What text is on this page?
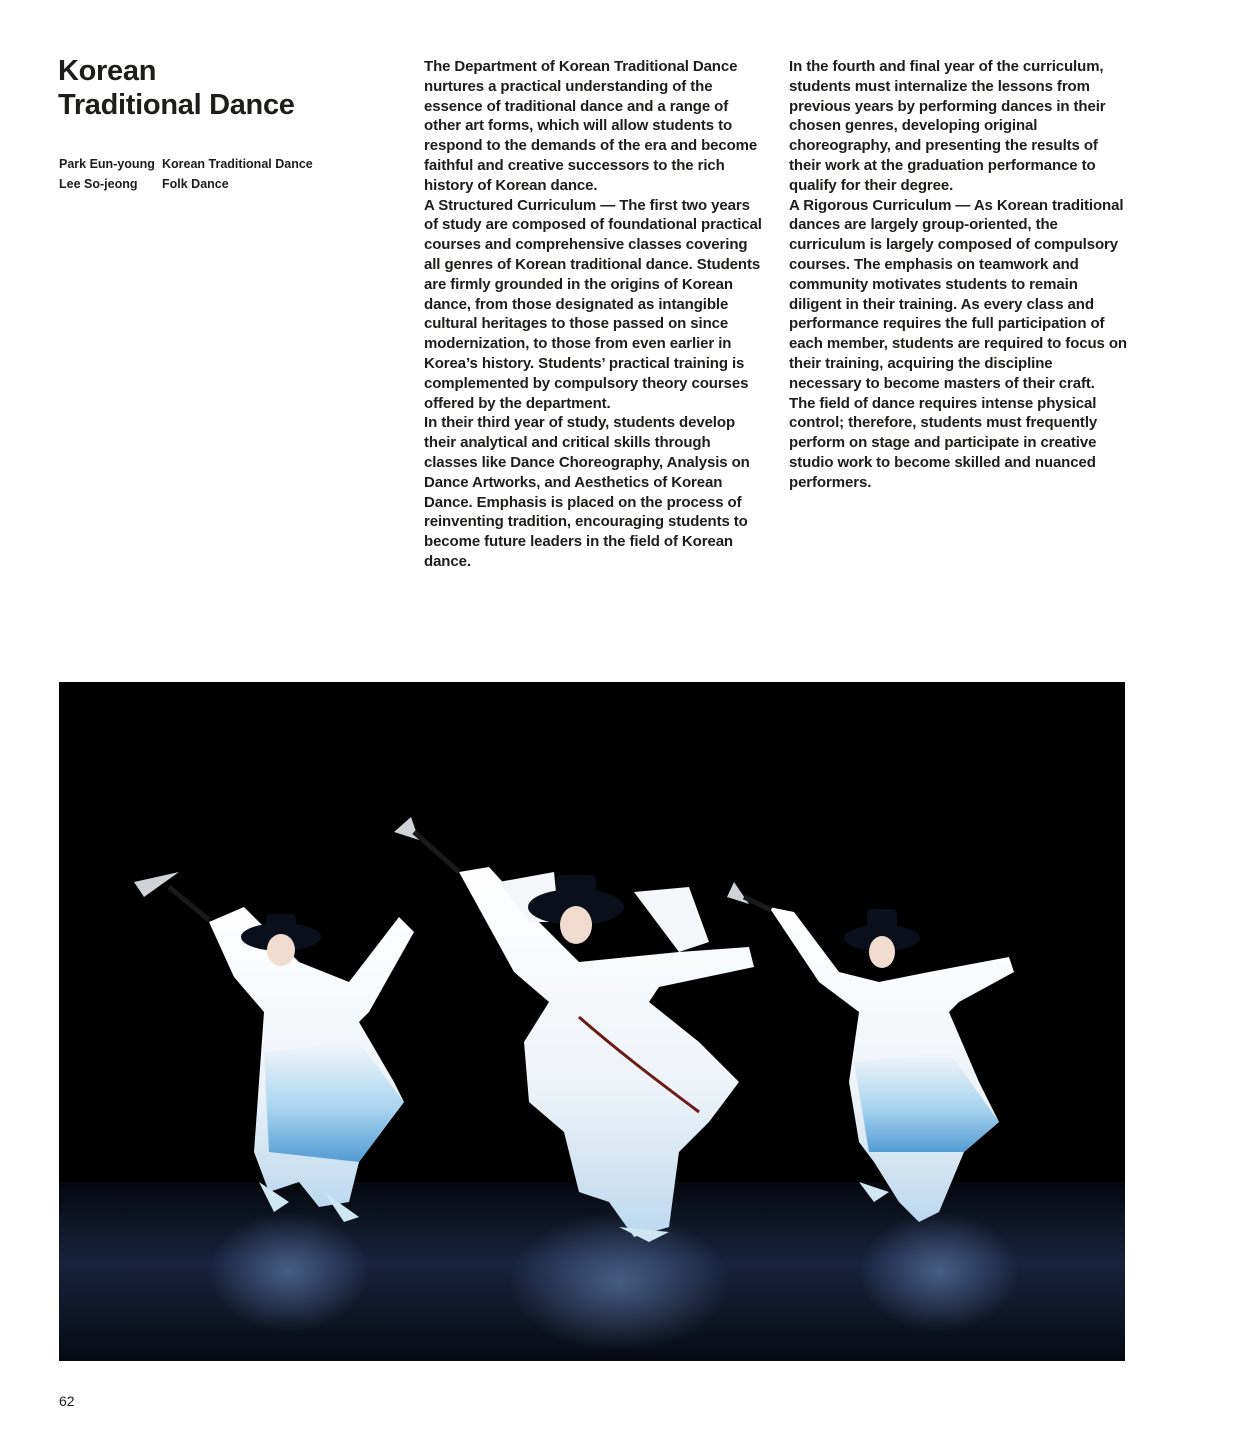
Korean
Traditional Dance
Park Eun-young Korean Traditional Dance
Lee So-jeong	Folk Dance

The Department of Korean Traditional Dance nurtures a practical understanding of the essence of traditional dance and a range of other art forms, which will allow students to respond to the demands of the era and become faithful and creative successors to the rich history of Korean dance.

A Structured Curriculum — The first two years of study are composed of foundational practical courses and comprehensive classes covering all genres of Korean traditional dance. Students are firmly grounded in the origins of Korean dance, from those designated as intangible cultural heritages to those passed on since modernization, to those from even earlier in Korea’s history. Students’ practical training is complemented by compulsory theory courses offered by the department.

In their third year of study, students develop their analytical and critical skills through classes like Dance Choreography, Analysis on Dance Artworks, and Aesthetics of Korean Dance. Emphasis is placed on the process of reinventing tradition, encouraging students to become future leaders in the field of Korean dance.

In the fourth and final year of the curriculum, students must internalize the lessons from previous years by performing dances in their chosen genres, developing original choreography, and presenting the results of their work at the graduation performance to qualify for their degree.

A Rigorous Curriculum — As Korean traditional dances are largely group-oriented, the curriculum is largely composed of compulsory courses. The emphasis on teamwork and community motivates students to remain diligent in their training. As every class and performance requires the full participation of each member, students are required to focus on their training, acquiring the discipline necessary to become masters of their craft.

The field of dance requires intense physical control; therefore, students must frequently perform on stage and participate in creative studio work to become skilled and nuanced performers.

62
